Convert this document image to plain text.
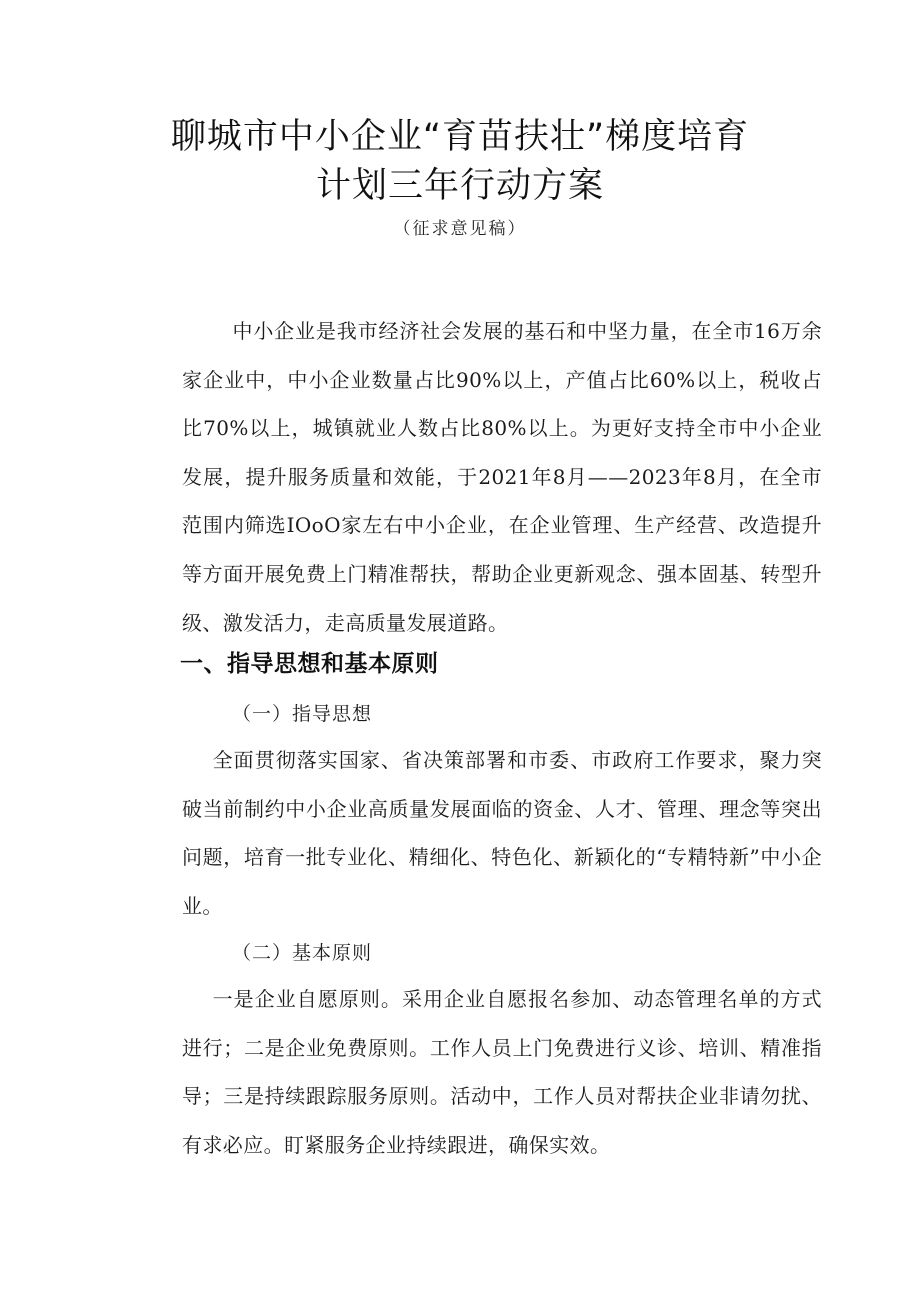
聊城市中小企业“育苗扶壮”梯度培育
计划三年行动方案
（征求意见稿）
中小企业是我市经济社会发展的基石和中坚力量，在全市16万余家企业中，中小企业数量占比90%以上，产值占比60%以上，税收占比70%以上，城镇就业人数占比80%以上。为更好支持全市中小企业发展，提升服务质量和效能，于2021年8月——2023年8月，在全市范围内筛选IOoO家左右中小企业，在企业管理、生产经营、改造提升等方面开展免费上门精准帮扶，帮助企业更新观念、强本固基、转型升级、激发活力，走高质量发展道路。
一、指导思想和基本原则
（一）指导思想
全面贯彻落实国家、省决策部署和市委、市政府工作要求，聚力突破当前制约中小企业高质量发展面临的资金、人才、管理、理念等突出问题，培育一批专业化、精细化、特色化、新颖化的“专精特新”中小企业。
（二）基本原则
一是企业自愿原则。采用企业自愿报名参加、动态管理名单的方式进行；二是企业免费原则。工作人员上门免费进行义诊、培训、精准指导；三是持续跟踪服务原则。活动中，工作人员对帮扶企业非请勿扰、有求必应。盯紧服务企业持续跟进，确保实效。
